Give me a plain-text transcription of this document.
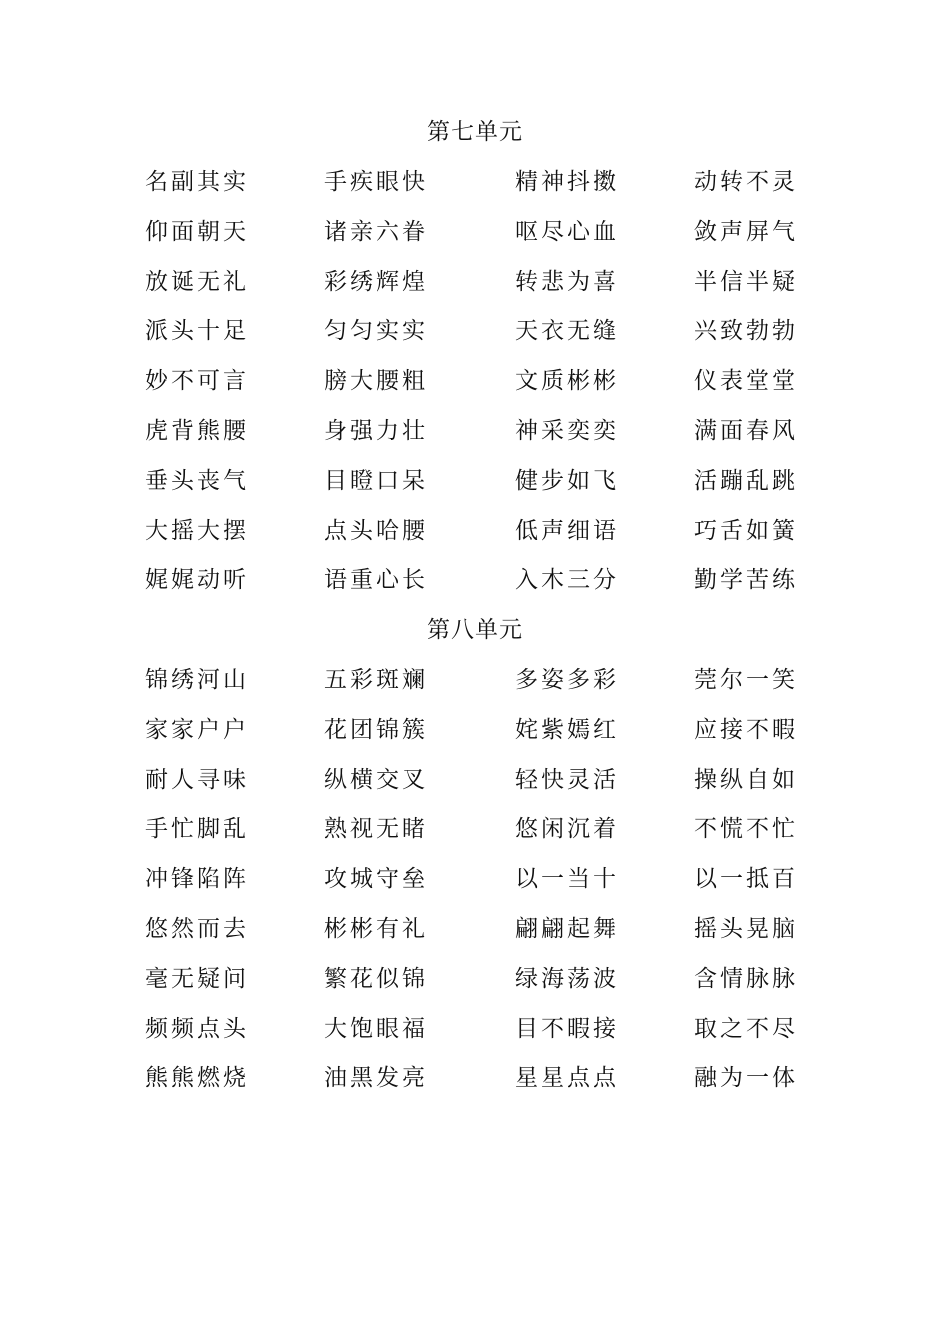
第七单元
名副其实	手疾眼快	精神抖擞	动转不灵
仰面朝天	诸亲六眷	呕尽心血	敛声屏气
放诞无礼	彩绣辉煌	转悲为喜	半信半疑
派头十足	匀匀实实	天衣无缝	兴致勃勃
妙不可言	膀大腰粗	文质彬彬	仪表堂堂
虎背熊腰	身强力壮	神采奕奕	满面春风
垂头丧气	目瞪口呆	健步如飞	活蹦乱跳
大摇大摆	点头哈腰	低声细语	巧舌如簧
娓娓动听	语重心长	入木三分	勤学苦练
第八单元
锦绣河山	五彩斑斓	多姿多彩	莞尔一笑
家家户户	花团锦簇	姹紫嫣红	应接不暇
耐人寻味	纵横交叉	轻快灵活	操纵自如
手忙脚乱	熟视无睹	悠闲沉着	不慌不忙
冲锋陷阵	攻城守垒	以一当十	以一抵百
悠然而去	彬彬有礼	翩翩起舞	摇头晃脑
毫无疑问	繁花似锦	绿海荡波	含情脉脉
频频点头	大饱眼福	目不暇接	取之不尽
熊熊燃烧	油黑发亮	星星点点	融为一体
